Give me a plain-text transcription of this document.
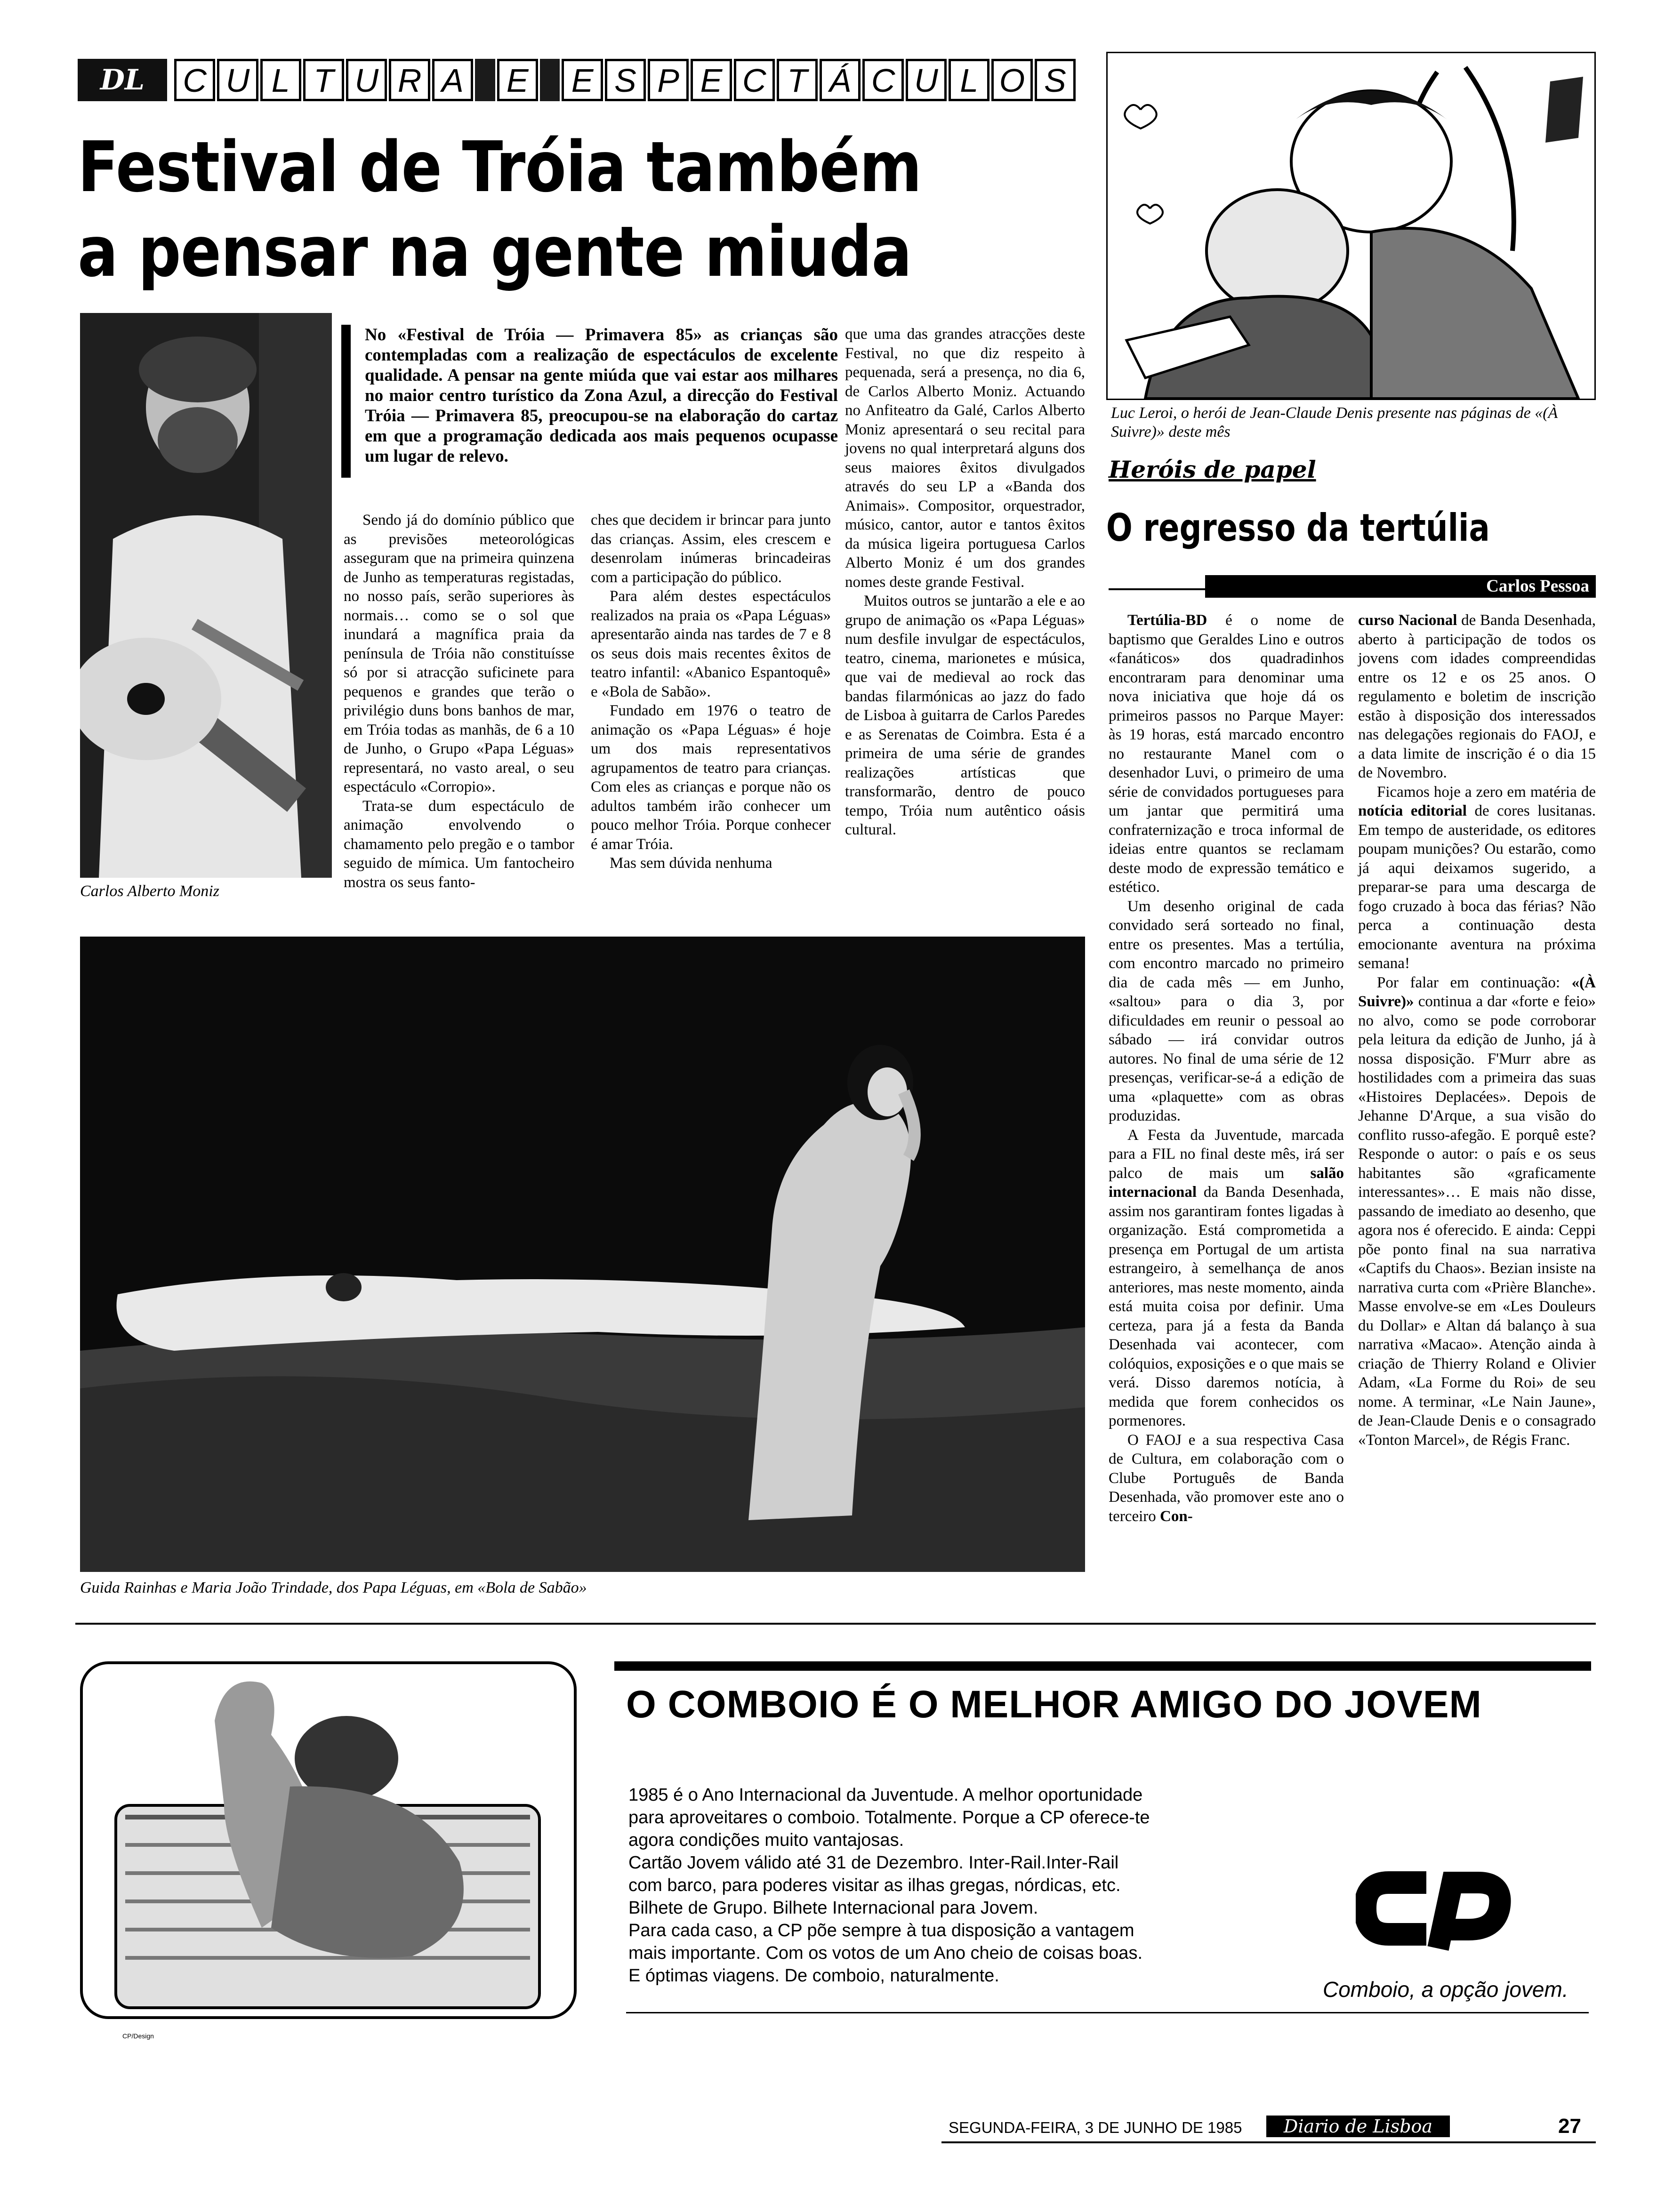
DL	C U L T U R A E E S P E C T Á C U L O S
Festival de Tróia também
a pensar na gente miuda
Carlos Alberto Moniz
No «Festival de Tróia — Primavera 85» as crianças são contempladas com a realização de espectáculos de excelente qualidade. A pensar na gente miúda que vai estar aos milhares no maior centro turístico da Zona Azul, a direcção do Festival Tróia — Primavera 85, preocupou-se na elaboração do cartaz em que a programação dedicada aos mais pequenos ocupasse um lugar de relevo.

Sendo já do domínio público que as previsões meteorológicas asseguram que na primeira quinzena de Junho as temperaturas registadas, no nosso país, serão superiores às normais… como se o sol que inundará a magnífica praia da península de Tróia não constituísse só por si atracção suficinete para pequenos e grandes que terão o privilégio duns bons banhos de mar, em Tróia todas as manhãs, de 6 a 10 de Junho, o Grupo «Papa Léguas» representará, no vasto areal, o seu espectáculo «Corropio».

Trata-se dum espectáculo de animação envolvendo o chamamento pelo pregão e o tambor seguido de mímica. Um fantocheiro mostra os seus fanto-

ches que decidem ir brincar para junto das crianças. Assim, eles crescem e desenrolam inúmeras brincadeiras com a participação do público.

Para além destes espectáculos realizados na praia os «Papa Léguas» apresentarão ainda nas tardes de 7 e 8 os seus dois mais recentes êxitos de teatro infantil: «Abanico Espantoquê» e «Bola de Sabão».

Fundado em 1976 o teatro de animação os «Papa Léguas» é hoje um dos mais representativos agrupamentos de teatro para crianças. Com eles as crianças e porque não os adultos também irão conhecer um pouco melhor Tróia. Porque conhecer é amar Tróia.

Mas sem dúvida nenhuma

que uma das grandes atracções deste Festival, no que diz respeito à pequenada, será a presença, no dia 6, de Carlos Alberto Moniz. Actuando no Anfiteatro da Galé, Carlos Alberto Moniz apresentará o seu recital para jovens no qual interpretará alguns dos seus maiores êxitos divulgados através do seu LP a «Banda dos Animais». Compositor, orquestrador, músico, cantor, autor e tantos êxitos da música ligeira portuguesa Carlos Alberto Moniz é um dos grandes nomes deste grande Festival.

Muitos outros se juntarão a ele e ao grupo de animação os «Papa Léguas» num desfile invulgar de espectáculos, teatro, cinema, marionetes e música, que vai de medieval ao rock das bandas filarmónicas ao jazz do fado de Lisboa à guitarra de Carlos Paredes e as Serenatas de Coimbra. Esta é a primeira de uma série de grandes realizações artísticas que transformarão, dentro de pouco tempo, Tróia num autêntico oásis cultural.

Luc Leroi, o herói de Jean-Claude Denis presente nas páginas de «(À Suivre)» deste mês
Heróis de papel
O regresso da tertúlia
Carlos Pessoa

Tertúlia-BD é o nome de baptismo que Geraldes Lino e outros «fanáticos» dos quadradinhos encontraram para denominar uma nova iniciativa que hoje dá os primeiros passos no Parque Mayer: às 19 horas, está marcado encontro no restaurante Manel com o desenhador Luvi, o primeiro de uma série de convidados portugueses para um jantar que permitirá uma confraternização e troca informal de ideias entre quantos se reclamam deste modo de expressão temático e estético.

Um desenho original de cada convidado será sorteado no final, entre os presentes. Mas a tertúlia, com encontro marcado no primeiro dia de cada mês — em Junho, «saltou» para o dia 3, por dificuldades em reunir o pessoal ao sábado — irá convidar outros autores. No final de uma série de 12 presenças, verificar-se-á a edição de uma «plaquette» com as obras produzidas.

A Festa da Juventude, marcada para a FIL no final deste mês, irá ser palco de mais um salão internacional da Banda Desenhada, assim nos garantiram fontes ligadas à organização. Está comprometida a presença em Portugal de um artista estrangeiro, à semelhança de anos anteriores, mas neste momento, ainda está muita coisa por definir. Uma certeza, para já a festa da Banda Desenhada vai acontecer, com colóquios, exposições e o que mais se verá. Disso daremos notícia, à medida que forem conhecidos os pormenores.

O FAOJ e a sua respectiva Casa de Cultura, em colaboração com o Clube Português de Banda Desenhada, vão promover este ano o terceiro Con-

curso Nacional de Banda Desenhada, aberto à participação de todos os jovens com idades compreendidas entre os 12 e os 25 anos. O regulamento e boletim de inscrição estão à disposição dos interessados nas delegações regionais do FAOJ, e a data limite de inscrição é o dia 15 de Novembro.

Ficamos hoje a zero em matéria de notícia editorial de cores lusitanas. Em tempo de austeridade, os editores poupam munições? Ou estarão, como já aqui deixamos sugerido, a preparar-se para uma descarga de fogo cruzado à boca das férias? Não perca a continuação desta emocionante aventura na próxima semana!

Por falar em continuação: «(À Suivre)» continua a dar «forte e feio» no alvo, como se pode corroborar pela leitura da edição de Junho, já à nossa disposição. F'Murr abre as hostilidades com a primeira das suas «Histoires Deplacées». Depois de Jehanne D'Arque, a sua visão do conflito russo-afegão. E porquê este? Responde o autor: o país e os seus habitantes são «graficamente interessantes»… E mais não disse, passando de imediato ao desenho, que agora nos é oferecido. E ainda: Ceppi põe ponto final na sua narrativa «Captifs du Chaos». Bezian insiste na narrativa curta com «Prière Blanche». Masse envolve-se em «Les Douleurs du Dollar» e Altan dá balanço à sua narrativa «Macao». Atenção ainda à criação de Thierry Roland e Olivier Adam, «La Forme du Roi» de seu nome. A terminar, «Le Nain Jaune», de Jean-Claude Denis e o consagrado «Tonton Marcel», de Régis Franc.

Guida Rainhas e Maria João Trindade, dos Papa Léguas, em «Bola de Sabão»
O COMBOIO É O MELHOR AMIGO DO JOVEM
1985 é o Ano Internacional da Juventude. A melhor oportunidade
para aproveitares o comboio. Totalmente. Porque a CP oferece-te
agora condições muito vantajosas.
Cartão Jovem válido até 31 de Dezembro. Inter-Rail.Inter-Rail
com barco, para poderes visitar as ilhas gregas, nórdicas, etc.
Bilhete de Grupo. Bilhete Internacional para Jovem.
Para cada caso, a CP põe sempre à tua disposição a vantagem
mais importante. Com os votos de um Ano cheio de coisas boas.
E óptimas viagens. De comboio, naturalmente.
Comboio, a opção jovem.
CP/Design
SEGUNDA-FEIRA, 3 DE JUNHO DE 1985	Diario de Lisboa	27
